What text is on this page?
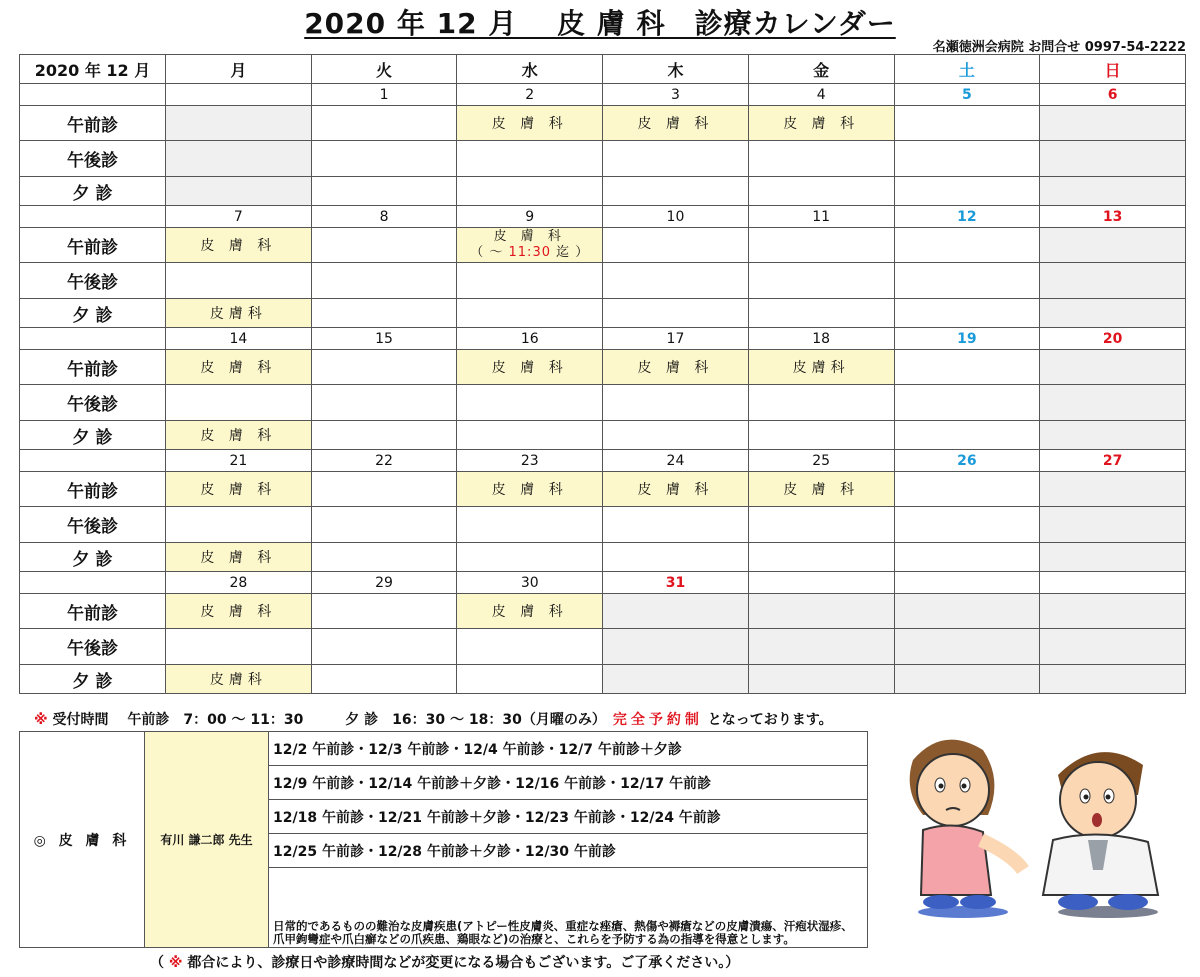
2020 年 12 月　 皮 膚 科　診療カレンダー
名瀬徳洲会病院 お問合せ 0997-54-2222
2020 年 12 月	月	火	水	木	金	土	日
		1	2	3	4	5	6
午前診			皮 膚 科	皮 膚 科	皮 膚 科		
午後診							
夕 診							
	7	8	9	10	11	12	13
午前診	皮 膚 科		皮 膚 科
（ ～ 11:30 迄 ）				

午後診							
夕 診	皮膚科						
	14	15	16	17	18	19	20
午前診	皮 膚 科		皮 膚 科	皮 膚 科	皮膚科		
午後診							
夕 診	皮 膚 科						
	21	22	23	24	25	26	27
午前診	皮 膚 科		皮 膚 科	皮 膚 科	皮 膚 科		
午後診							
夕 診	皮 膚 科						
	28	29	30	31			
午前診	皮 膚 科		皮 膚 科				
午後診							
夕 診	皮膚科						
※ 受付時間　 午前診　7：00 ～ 11：30　　　夕 診　16：30 ～ 18：30（月曜のみ）　完全予約制 となっております。
◎ 皮 膚 科	有川 謙二郎 先生	12/2 午前診・12/3 午前診・12/4 午前診・12/7 午前診＋夕診
12/9 午前診・12/14 午前診＋夕診・12/16 午前診・12/17 午前診
12/18 午前診・12/21 午前診＋夕診・12/23 午前診・12/24 午前診
12/25 午前診・12/28 午前診＋夕診・12/30 午前診
日常的であるものの難治な皮膚疾患(アトピー性皮膚炎、重症な痤瘡、熱傷や褥瘡などの皮膚潰瘍、汗疱状湿疹、爪甲鉤彎症や爪白癬などの爪疾患、鶏眼など)の治療と、これらを予防する為の指導を得意とします。
（ ※ 都合により、診療日や診療時間などが変更になる場合もございます。ご了承ください。）
